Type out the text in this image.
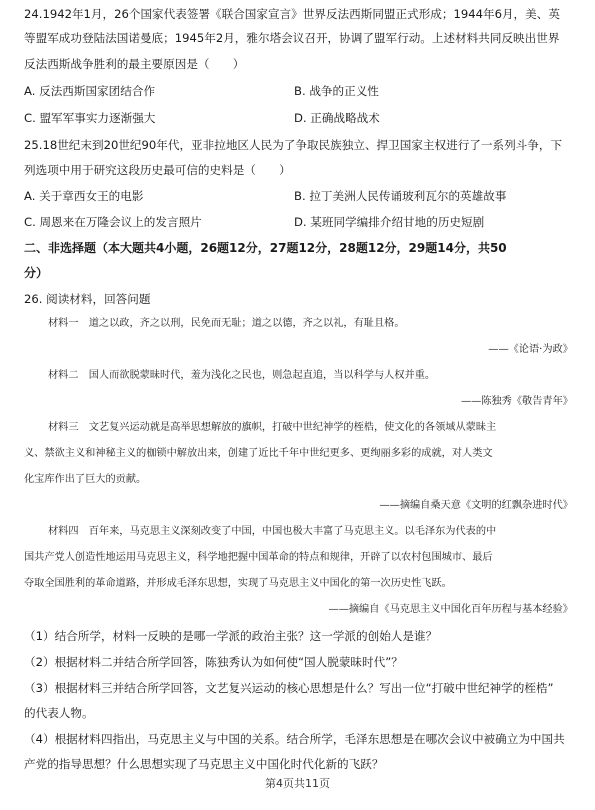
24.1942年1月，26个国家代表签署《联合国家宣言》世界反法西斯同盟正式形成；1944年6月，美、英
等盟军成功登陆法国诺曼底；1945年2月，雅尔塔会议召开，协调了盟军行动。上述材料共同反映出世界
反法西斯战争胜利的最主要原因是（　　）
A. 反法西斯国家团结合作	B. 战争的正义性
C. 盟军军事实力逐渐强大	D. 正确战略战术
25.18世纪末到20世纪90年代，亚非拉地区人民为了争取民族独立、捍卫国家主权进行了一系列斗争，下
列选项中用于研究这段历史最可信的史料是（　　）
A. 关于章西女王的电影	B. 拉丁美洲人民传诵玻利瓦尔的英雄故事
C. 周恩来在万隆会议上的发言照片	D. 某班同学编排介绍甘地的历史短剧
二、非选择题（本大题共4小题，26题12分，27题12分，28题12分，29题14分，共50
分）
26. 阅读材料，回答问题
材料一　道之以政，齐之以刑，民免而无耻；道之以德，齐之以礼，有耻且格。
——《论语·为政》
材料二　国人而欲脱蒙昧时代，羞为浅化之民也，则急起直追，当以科学与人权并重。
——陈独秀《敬告青年》
材料三　文艺复兴运动就是高举思想解放的旗帜，打破中世纪神学的桎梏，使文化的各领域从蒙昧主
义、禁欲主义和神秘主义的枷锁中解放出来，创建了近比千年中世纪更多、更绚丽多彩的成就，对人类文
化宝库作出了巨大的贡献。
——摘编自桑天意《文明的红飘杂进时代》
材料四　百年来，马克思主义深刻改变了中国，中国也极大丰富了马克思主义。以毛泽东为代表的中
国共产党人创造性地运用马克思主义，科学地把握中国革命的特点和规律，开辟了以农村包围城市、最后
夺取全国胜利的革命道路，并形成毛泽东思想，实现了马克思主义中国化的第一次历史性飞跃。
——摘编自《马克思主义中国化百年历程与基本经验》
（1）结合所学，材料一反映的是哪一学派的政治主张？这一学派的创始人是谁？
（2）根据材料二并结合所学回答，陈独秀认为如何使“国人脱蒙昧时代”？
（3）根据材料三并结合所学回答，文艺复兴运动的核心思想是什么？写出一位“打破中世纪神学的桎梏”
的代表人物。
（4）根据材料四指出，马克思主义与中国的关系。结合所学，毛泽东思想是在哪次会议中被确立为中国共
产党的指导思想？什么思想实现了马克思主义中国化时代化新的飞跃？
第4页共11页
